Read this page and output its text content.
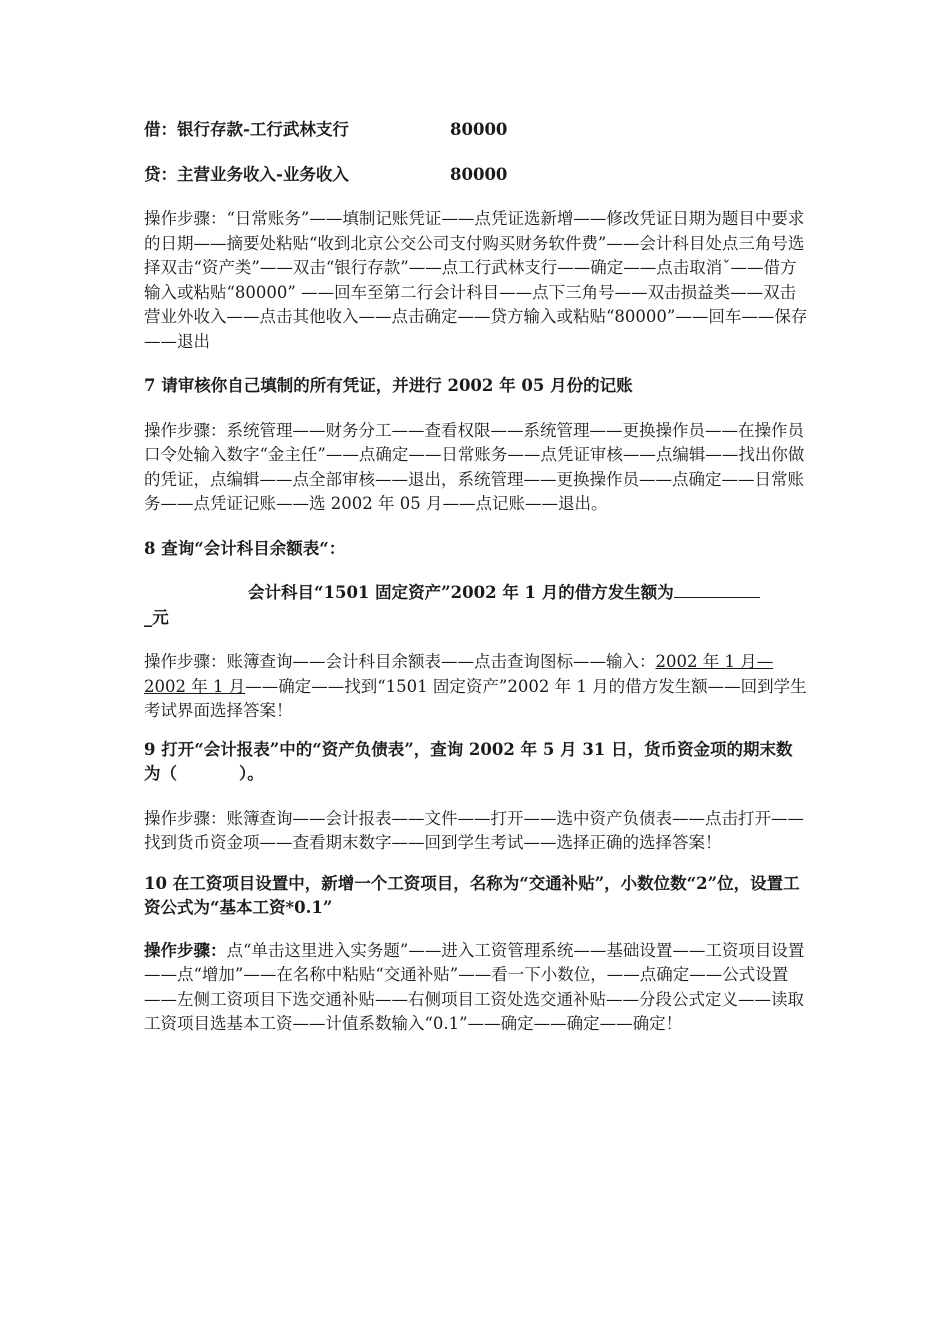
借：银行存款-工行武林支行	80000
贷：主营业务收入-业务收入	80000

操作步骤：“日常账务”——填制记账凭证——点凭证选新增——修改凭证日期为题目中要求的日期——摘要处粘贴“收到北京公交公司支付购买财务软件费”——会计科目处点三角号选择双击“资产类”——双击“银行存款”——点工行武林支行——确定——点击取消ˇ——借方输入或粘贴“80000” ——回车至第二行会计科目——点下三角号——双击损益类——双击营业外收入——点击其他收入——点击确定——贷方输入或粘贴“80000”——回车——保存——退出

7 请审核你自己填制的所有凭证，并进行 2002 年 05 月份的记账

操作步骤：系统管理——财务分工——查看权限——系统管理——更换操作员——在操作员口令处输入数字“金主任”——点确定——日常账务——点凭证审核——点编辑——找出你做的凭证，点编辑——点全部审核——退出，系统管理——更换操作员——点确定——日常账务——点凭证记账——选 2002 年 05 月——点记账——退出。

8 查询“会计科目余额表“：

会计科目“1501 固定资产”2002 年 1 月的借方发生额为

_元

操作步骤：账簿查询——会计科目余额表——点击查询图标——输入：2002 年 1 月—2002 年 1 月——确定——找到“1501 固定资产”2002 年 1 月的借方发生额——回到学生考试界面选择答案！

9 打开“会计报表”中的“资产负债表”，查询 2002 年 5 月 31 日，货币资金项的期末数为（	）。

操作步骤：账簿查询——会计报表——文件——打开——选中资产负债表——点击打开——找到货币资金项——查看期末数字——回到学生考试——选择正确的选择答案！

10 在工资项目设置中，新增一个工资项目，名称为“交通补贴”，小数位数“2”位，设置工资公式为“基本工资*0.1”

操作步骤：点“单击这里进入实务题”——进入工资管理系统——基础设置——工资项目设置——点“增加”——在名称中粘贴“交通补贴”——看一下小数位，——点确定——公式设置——左侧工资项目下选交通补贴——右侧项目工资处选交通补贴——分段公式定义——读取工资项目选基本工资——计值系数输入“0.1”——确定——确定——确定！
